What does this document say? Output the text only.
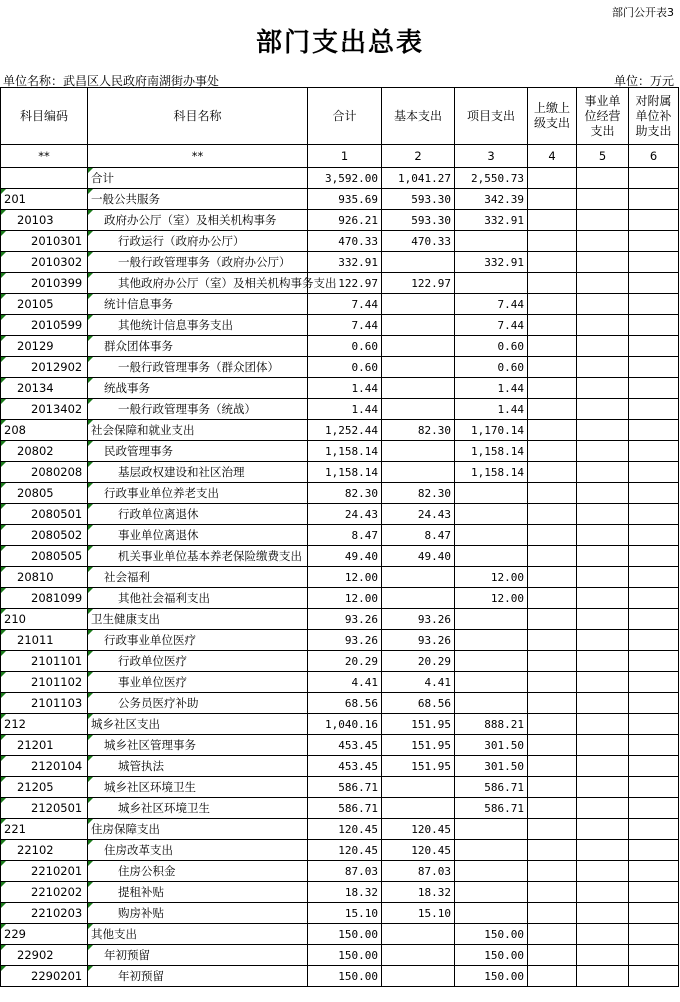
部门公开表3
部门支出总表
单位名称：武昌区人民政府南湖街办事处	单位：万元
科目编码	科目名称	合计	基本支出	项目支出	上缴上级支出	事业单位经营支出	对附属单位补助支出
**	**	1	2	3	4	5	6
	合计	3,592.00	1,041.27	2,550.73			
201	一般公共服务	935.69	593.30	342.39			
20103	政府办公厅（室）及相关机构事务	926.21	593.30	332.91			
2010301	行政运行（政府办公厅）	470.33	470.33				
2010302	一般行政管理事务（政府办公厅）	332.91		332.91			
2010399	其他政府办公厅（室）及相关机构事务支出	122.97	122.97				
20105	统计信息事务	7.44		7.44			
2010599	其他统计信息事务支出	7.44		7.44			
20129	群众团体事务	0.60		0.60			
2012902	一般行政管理事务（群众团体）	0.60		0.60			
20134	统战事务	1.44		1.44			
2013402	一般行政管理事务（统战）	1.44		1.44			
208	社会保障和就业支出	1,252.44	82.30	1,170.14			
20802	民政管理事务	1,158.14		1,158.14			
2080208	基层政权建设和社区治理	1,158.14		1,158.14			
20805	行政事业单位养老支出	82.30	82.30				
2080501	行政单位离退休	24.43	24.43				
2080502	事业单位离退休	8.47	8.47				
2080505	机关事业单位基本养老保险缴费支出	49.40	49.40				
20810	社会福利	12.00		12.00			
2081099	其他社会福利支出	12.00		12.00			
210	卫生健康支出	93.26	93.26				
21011	行政事业单位医疗	93.26	93.26				
2101101	行政单位医疗	20.29	20.29				
2101102	事业单位医疗	4.41	4.41				
2101103	公务员医疗补助	68.56	68.56				
212	城乡社区支出	1,040.16	151.95	888.21			
21201	城乡社区管理事务	453.45	151.95	301.50			
2120104	城管执法	453.45	151.95	301.50			
21205	城乡社区环境卫生	586.71		586.71			
2120501	城乡社区环境卫生	586.71		586.71			
221	住房保障支出	120.45	120.45				
22102	住房改革支出	120.45	120.45				
2210201	住房公积金	87.03	87.03				
2210202	提租补贴	18.32	18.32				
2210203	购房补贴	15.10	15.10				
229	其他支出	150.00		150.00			
22902	年初预留	150.00		150.00			
2290201	年初预留	150.00		150.00			
